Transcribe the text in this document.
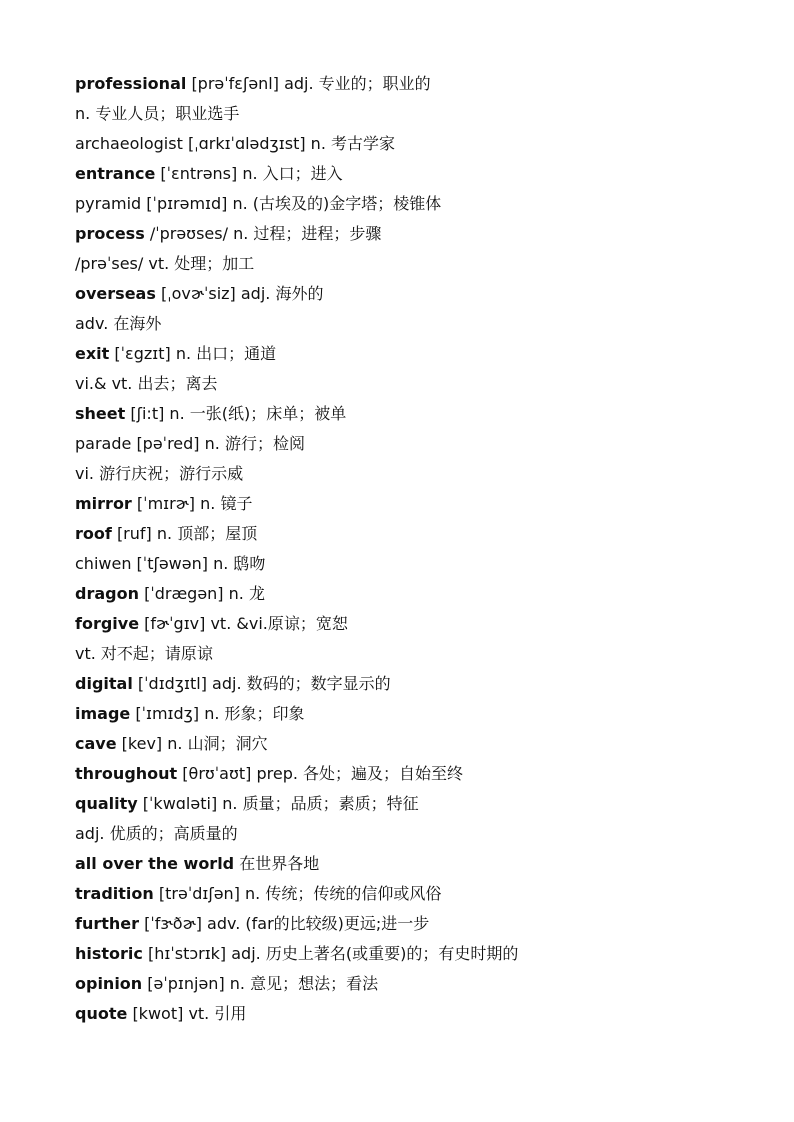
professional [prəˈfɛʃənl] adj. 专业的；职业的
n. 专业人员；职业选手
archaeologist [ˌɑrkɪˈɑlədʒɪst] n. 考古学家
entrance [ˈɛntrəns] n. 入口；进入
pyramid [ˈpɪrəmɪd] n. (古埃及的)金字塔；棱锥体
process /ˈprəʊses/ n. 过程；进程；步骤
/prəˈses/ vt. 处理；加工
overseas [ˌovɚˈsiz] adj. 海外的
adv. 在海外
exit [ˈɛgzɪt] n. 出口；通道
vi.& vt. 出去；离去
sheet [ʃi:t] n. 一张(纸)；床单；被单
parade [pəˈred] n. 游行；检阅
vi. 游行庆祝；游行示威
mirror [ˈmɪrɚ] n. 镜子
roof [ruf] n. 顶部；屋顶
chiwen [ˈtʃəwən] n. 鸱吻
dragon [ˈdrægən] n. 龙
forgive [fɚˈgɪv] vt. &vi.原谅；宽恕
vt. 对不起；请原谅
digital [ˈdɪdʒɪtl] adj. 数码的；数字显示的
image [ˈɪmɪdʒ] n. 形象；印象
cave [kev] n. 山洞；洞穴
throughout [θrʊˈaʊt] prep. 各处；遍及；自始至终
quality [ˈkwɑləti] n. 质量；品质；素质；特征
adj. 优质的；高质量的
all over the world 在世界各地
tradition [trəˈdɪʃən] n. 传统；传统的信仰或风俗
further [ˈfɝðɚ] adv. (far的比较级)更远;进一步
historic [hɪˈstɔrɪk] adj. 历史上著名(或重要)的；有史时期的
opinion [əˈpɪnjən] n. 意见；想法；看法
quote [kwot] vt. 引用
